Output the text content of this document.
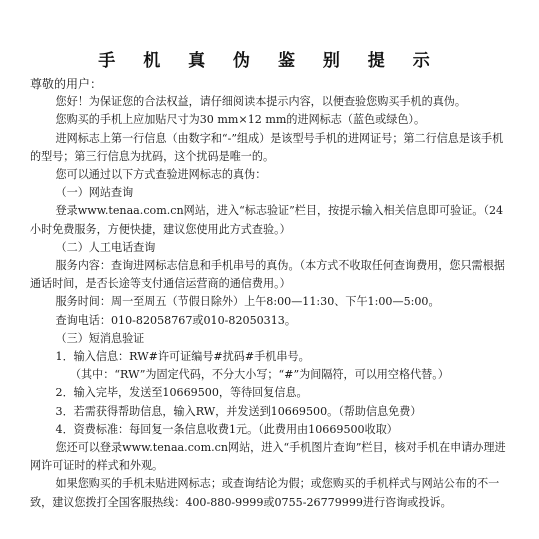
手 机 真 伪 鉴 别 提 示

尊敬的用户：

您好！为保证您的合法权益，请仔细阅读本提示内容，以便查验您购买手机的真伪。

您购买的手机上应加贴尺寸为30 mm×12 mm的进网标志（蓝色或绿色）。

进网标志上第一行信息（由数字和“-”组成）是该型号手机的进网证号；第二行信息是该手机的型号；第三行信息为扰码，这个扰码是唯一的。

您可以通过以下方式查验进网标志的真伪：

（一）网站查询

登录www.tenaa.com.cn网站，进入“标志验证”栏目，按提示输入相关信息即可验证。（24小时免费服务，方便快捷，建议您使用此方式查验。）

（二）人工电话查询

服务内容：查询进网标志信息和手机串号的真伪。（本方式不收取任何查询费用，您只需根据通话时间，是否长途等支付通信运营商的通信费用。）

服务时间：周一至周五（节假日除外）上午8:00—11:30、下午1:00—5:00。

查询电话：010-82058767或010-82050313。

（三）短消息验证

1．输入信息：RW#许可证编号#扰码#手机串号。

（其中：“RW”为固定代码，不分大小写；“#”为间隔符，可以用空格代替。）

2．输入完毕，发送至10669500，等待回复信息。

3．若需获得帮助信息，输入RW，并发送到10669500。（帮助信息免费）

4．资费标准：每回复一条信息收费1元。（此费用由10669500收取）

您还可以登录www.tenaa.com.cn网站，进入“手机图片查询”栏目，核对手机在申请办理进网许可证时的样式和外观。

如果您购买的手机未贴进网标志；或查询结论为假；或您购买的手机样式与网站公布的不一致，建议您拨打全国客服热线：400-880-9999或0755-26779999进行咨询或投诉。
